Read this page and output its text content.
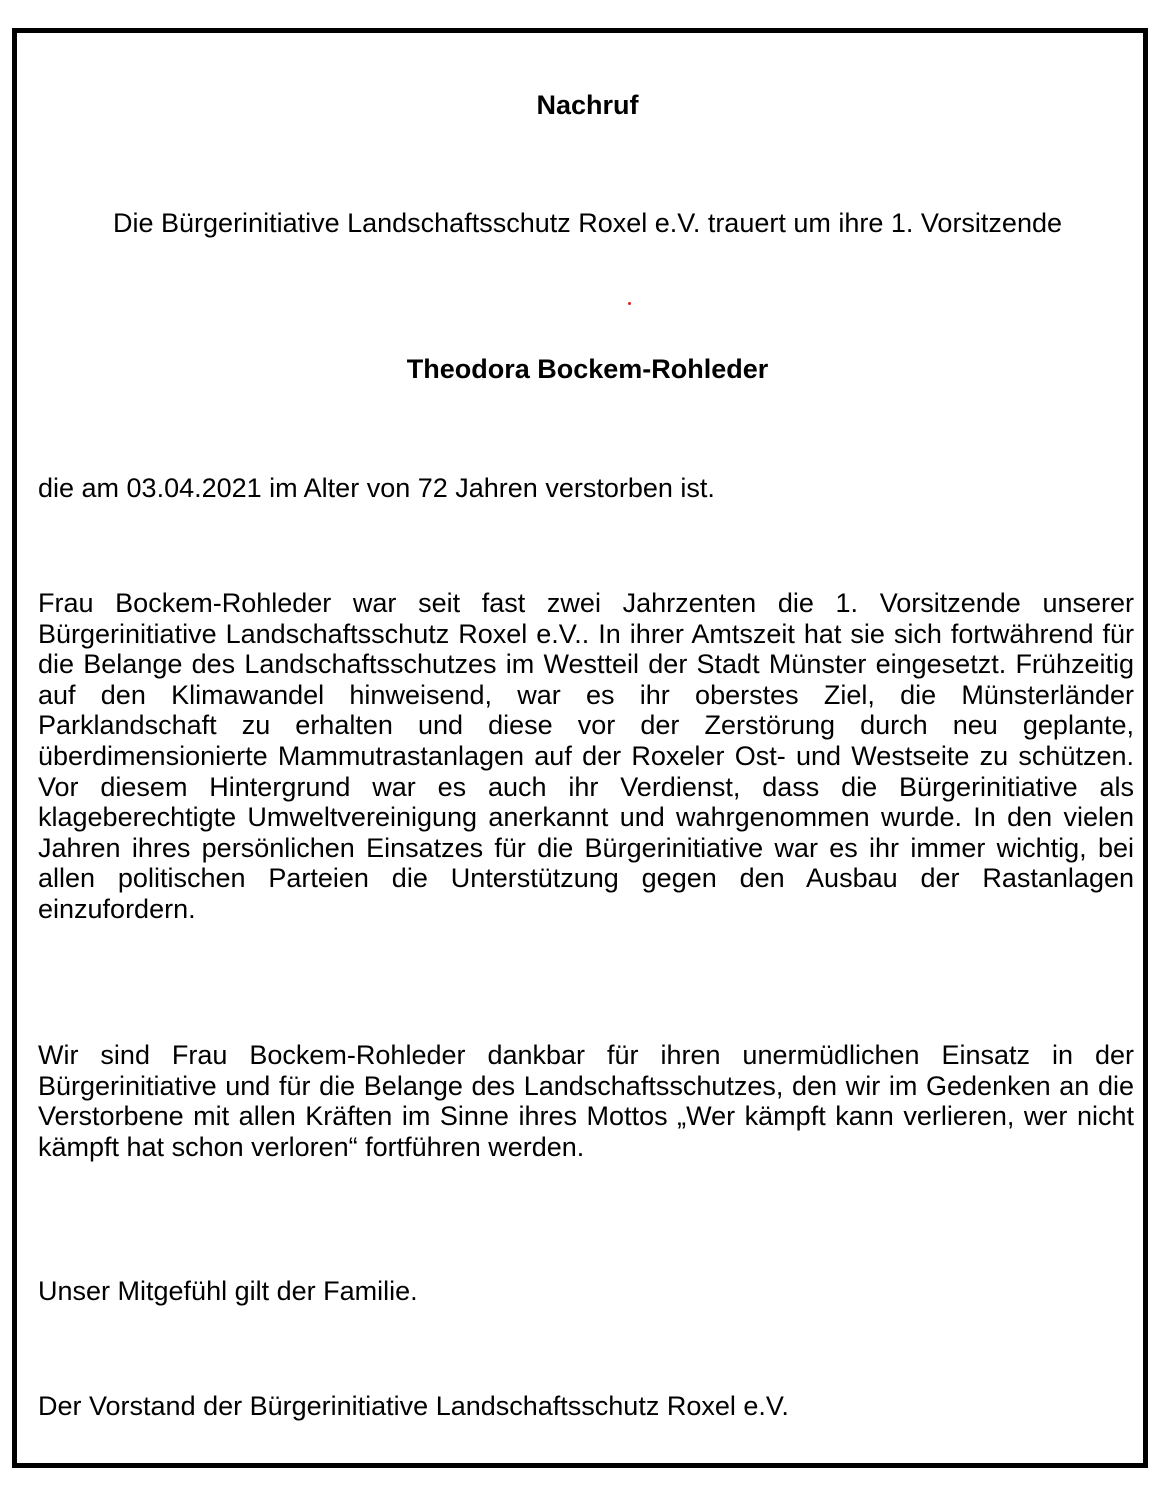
Nachruf
Die Bürgerinitiative Landschaftsschutz Roxel e.V. trauert um ihre 1. Vorsitzende
Theodora Bockem-Rohleder
die am 03.04.2021 im Alter von 72 Jahren verstorben ist.
Frau Bockem-Rohleder war seit fast zwei Jahrzenten die 1. Vorsitzende unserer Bürgerinitiative Landschaftsschutz Roxel e.V.. In ihrer Amtszeit hat sie sich fortwährend für die Belange des Landschaftsschutzes im Westteil der Stadt Münster eingesetzt. Frühzeitig auf den Klimawandel hinweisend, war es ihr oberstes Ziel, die Münsterländer Parklandschaft zu erhalten und diese vor der Zerstörung durch neu geplante, überdimensionierte Mammutrastanlagen auf der Roxeler Ost- und Westseite zu schützen. Vor diesem Hintergrund war es auch ihr Verdienst, dass die Bürgerinitiative als klageberechtigte Umweltvereinigung anerkannt und wahrgenommen wurde. In den vielen Jahren ihres persönlichen Einsatzes für die Bürgerinitiative war es ihr immer wichtig, bei allen politischen Parteien die Unterstützung gegen den Ausbau der Rastanlagen einzufordern.
Wir sind Frau Bockem-Rohleder dankbar für ihren unermüdlichen Einsatz in der Bürgerinitiative und für die Belange des Landschaftsschutzes, den wir im Gedenken an die Verstorbene mit allen Kräften im Sinne ihres Mottos „Wer kämpft kann verlieren, wer nicht kämpft hat schon verloren“ fortführen werden.
Unser Mitgefühl gilt der Familie.
Der Vorstand der Bürgerinitiative Landschaftsschutz Roxel e.V.
